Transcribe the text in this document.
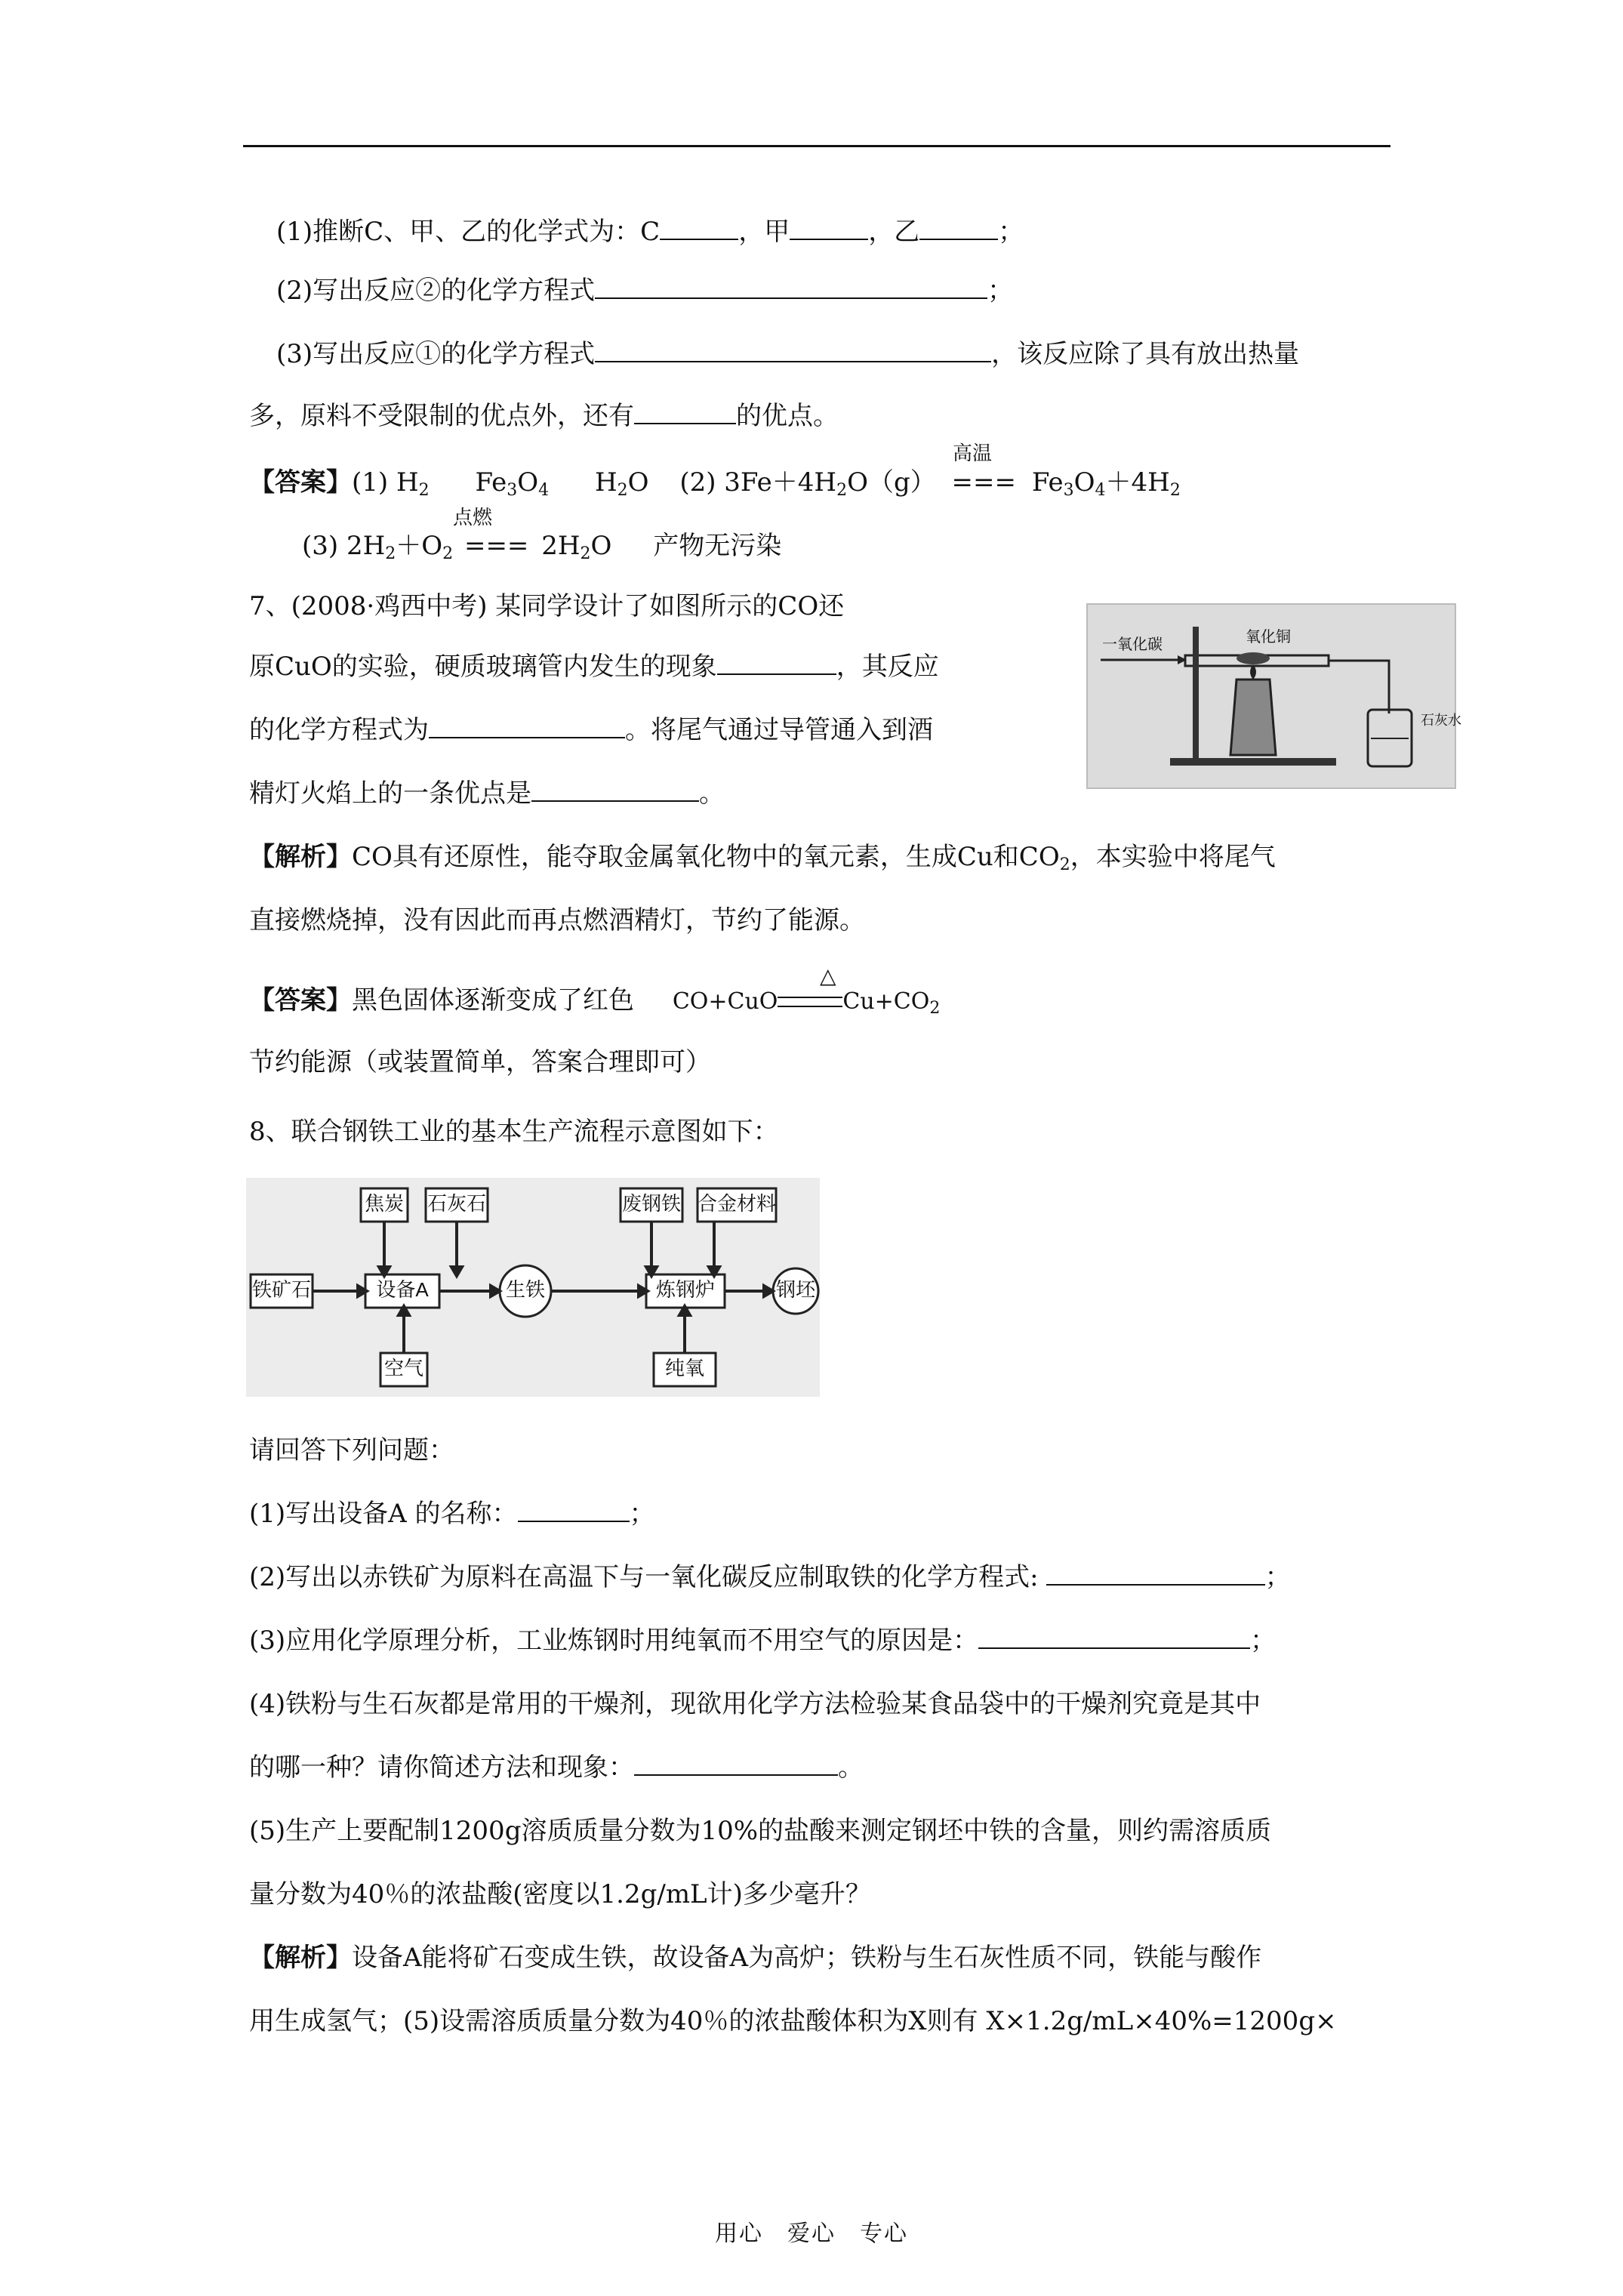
(1)推断C、甲、乙的化学式为：C	，甲	，乙	；
(2)写出反应②的化学方程式	；
(3)写出反应①的化学方程式	，该反应除了具有放出热量
多，原料不受限制的优点外，还有	的优点。
【答案】(1) $H_2$ $Fe_3O_4$ $H_2O$ (2) $3Fe+4H_2O(g)$ === $Fe_3O_4+4H_2$
高温
(3) $2H_2+O_2$ === $2H_2O$ 产物无污染
点燃
7、(2008·鸡西中考) 某同学设计了如图所示的CO还
原CuO的实验，硬质玻璃管内发生的现象	，其反应
的化学方程式为	。将尾气通过导管通入到酒
精灯火焰上的一条优点是	。
一氧化碳	氧化铜
石灰水
【解析】CO具有还原性，能夺取金属氧化物中的氧元素，生成Cu和$CO_2$，本实验中将尾气
直接燃烧掉，没有因此而再点燃酒精灯，节约了能源。
【答案】黑色固体逐渐变成了红色 CO+CuO	$Cu+CO_2$
△
节约能源（或装置简单，答案合理即可）
8、联合钢铁工业的基本生产流程示意图如下：
铁矿石	设备A
焦炭 石灰石
空气
生铁	炼钢炉
废钢铁 合金材料
纯氧
钢坯
请回答下列问题：
(1)写出设备A 的名称：	；
(2)写出以赤铁矿为原料在高温下与一氧化碳反应制取铁的化学方程式:	；
(3)应用化学原理分析，工业炼钢时用纯氧而不用空气的原因是：	；
(4)铁粉与生石灰都是常用的干燥剂，现欲用化学方法检验某食品袋中的干燥剂究竟是其中
的哪一种？请你简述方法和现象：	。
(5)生产上要配制1200g溶质质量分数为10%的盐酸来测定钢坯中铁的含量，则约需溶质质
量分数为40％的浓盐酸(密度以1.2g/mL计)多少毫升？
【解析】设备A能将矿石变成生铁，故设备A为高炉；铁粉与生石灰性质不同，铁能与酸作
用生成氢气；(5)设需溶质质量分数为40％的浓盐酸体积为X则有 X×1.2g/mL×40%=1200g×
用心　爱心　专心
